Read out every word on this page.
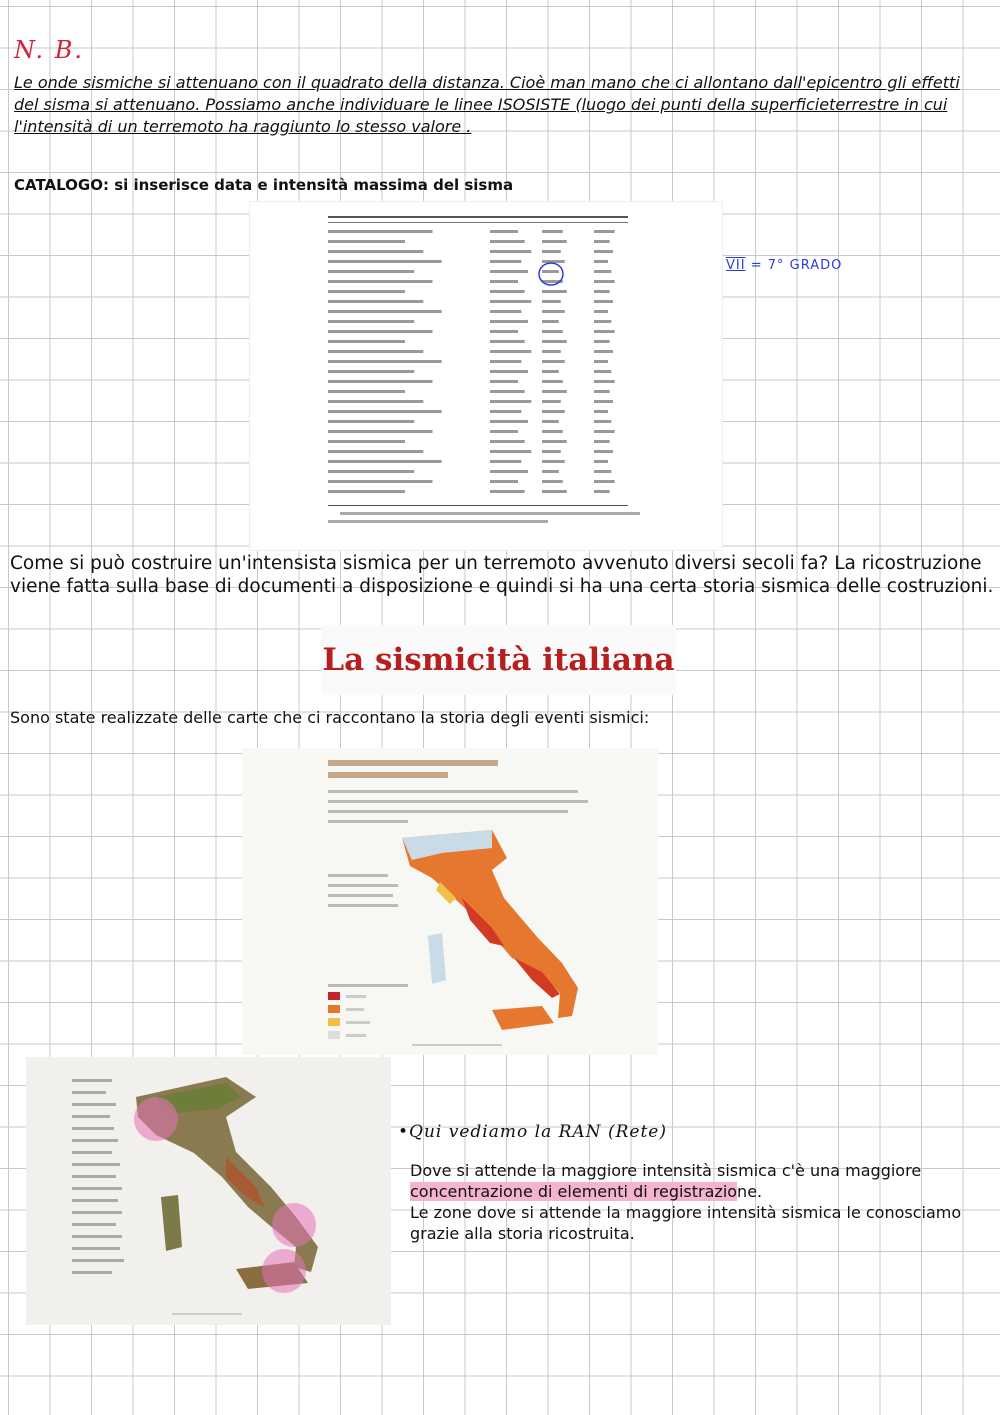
N. B.
Le onde sismiche si attenuano con il quadrato della distanza. Cioè man mano che ci allontano dall'epicentro gli effetti del sisma si attenuano. Possiamo anche individuare le linee ISOSISTE (luogo dei punti della superficieterrestre in cui l'intensità di un terremoto ha raggiunto lo stesso valore .
CATALOGO: si inserisce data e intensità massima del sisma
VII = 7° GRADO
Come si può costruire un'intensista sismica per un terremoto avvenuto diversi secoli fa? La ricostruzione viene fatta sulla base di documenti a disposizione e quindi si ha una certa storia sismica delle costruzioni.
La sismicità italiana
Sono state realizzate delle carte che ci raccontano la storia degli eventi sismici:
•Qui vediamo la RAN (Rete)
Dove si attende la maggiore intensità sismica c'è una maggiore concentrazione di elementi di registrazione.
Le zone dove si attende la maggiore intensità sismica le conosciamo grazie alla storia ricostruita.
